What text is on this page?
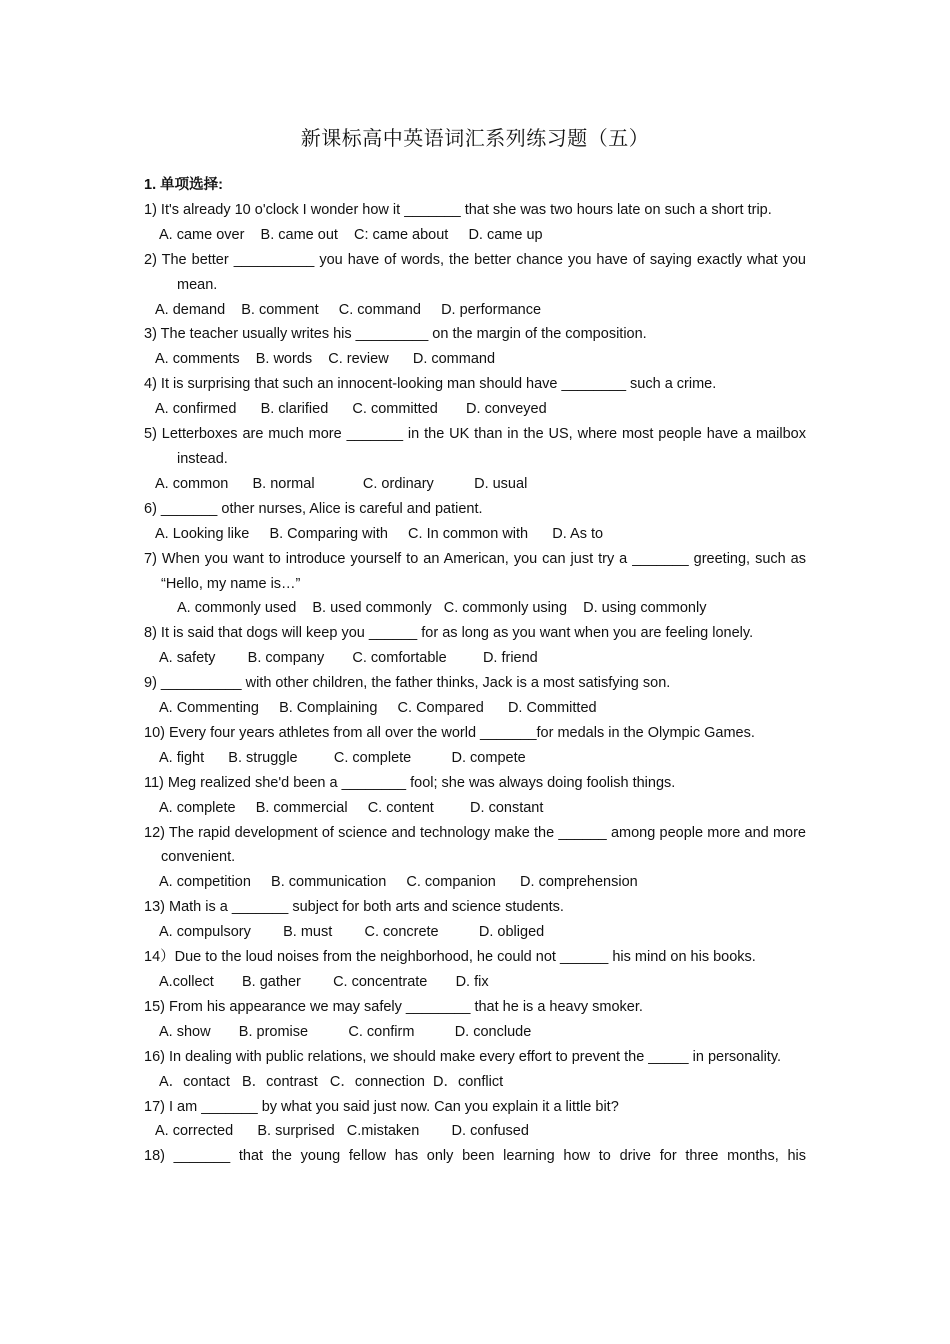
新课标高中英语词汇系列练习题（五）
1. 单项选择:
1) It's already 10 o'clock I wonder how it _______ that she was two hours late on such a short trip.
A. came over    B. came out    C: came about     D. came up
2) The better __________ you have of words, the better chance you have of saying exactly what you mean.
A. demand    B. comment     C. command     D. performance
3) The teacher usually writes his _________ on the margin of the composition.
A. comments    B. words    C. review      D. command
4) It is surprising that such an innocent-looking man should have ________ such a crime.
A. confirmed      B. clarified      C. committed       D. conveyed
5) Letterboxes are much more _______ in the UK than in the US, where most people have a mailbox instead.
A. common      B. normal            C. ordinary          D. usual
6) _______ other nurses, Alice is careful and patient.
A. Looking like     B. Comparing with     C. In common with      D. As to
7) When you want to introduce yourself to an American, you can just try a _______ greeting, such as “Hello, my name is…”
A. commonly used    B. used commonly   C. commonly using    D. using commonly
8) It is said that dogs will keep you ______ for as long as you want when you are feeling lonely.
A. safety        B. company       C. comfortable         D. friend
9) __________ with other children, the father thinks, Jack is a most satisfying son.
A. Commenting     B. Complaining     C. Compared      D. Committed
10) Every four years athletes from all over the world _______for medals in the Olympic Games.
A. fight      B. struggle         C. complete          D. compete
11) Meg realized she'd been a ________ fool; she was always doing foolish things.
A. complete     B. commercial     C. content         D. constant
12) The rapid development of science and technology make the ______ among people more and more convenient.
A. competition     B. communication     C. companion      D. comprehension
13) Math is a _______ subject for both arts and science students.
A. compulsory        B. must        C. concrete          D. obliged
14）Due to the loud noises from the neighborhood, he could not ______ his mind on his books.
A.collect       B. gather        C. concentrate       D. fix
15) From his appearance we may safely ________ that he is a heavy smoker.
A. show       B. promise          C. confirm          D. conclude
16) In dealing with public relations, we should make every effort to prevent the _____ in personality.
A．contact   B．contrast   C．connection  D．conflict
17) I am _______ by what you said just now. Can you explain it a little bit?
A. corrected      B. surprised   C.mistaken        D. confused
18) _______ that the young fellow has only been learning how to drive for three months, his
